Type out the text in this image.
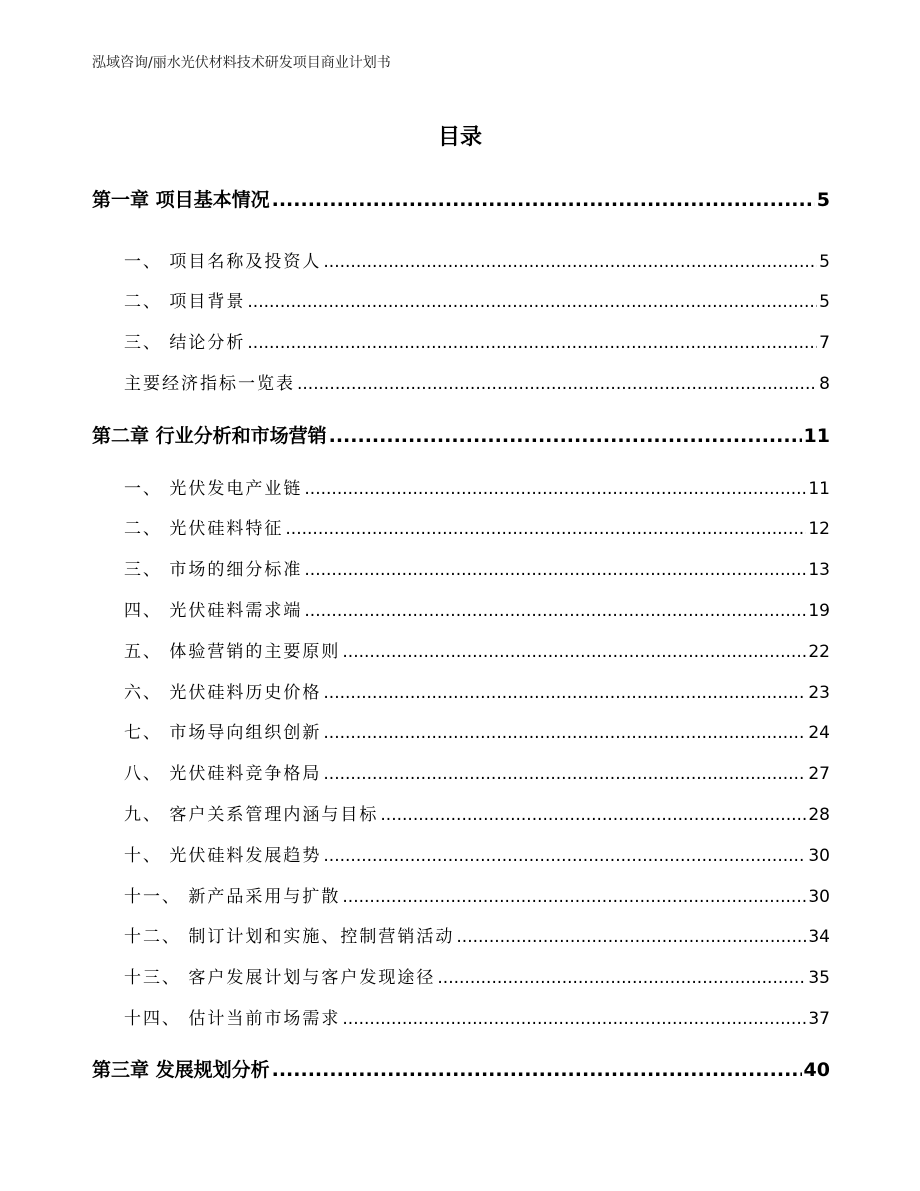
泓域咨询/丽水光伏材料技术研发项目商业计划书
目录
第一章 项目基本情况 .....	5
一、 项目名称及投资人 .....	5
二、 项目背景 .....	5
三、 结论分析 .....	7
主要经济指标一览表 .....	8
第二章 行业分析和市场营销 .....	11
一、 光伏发电产业链 .....	11
二、 光伏硅料特征 .....	12
三、 市场的细分标准 .....	13
四、 光伏硅料需求端 .....	19
五、 体验营销的主要原则 .....	22
六、 光伏硅料历史价格 .....	23
七、 市场导向组织创新 .....	24
八、 光伏硅料竞争格局 .....	27
九、 客户关系管理内涵与目标 .....	28
十、 光伏硅料发展趋势 .....	30
十一、 新产品采用与扩散 .....	30
十二、 制订计划和实施、控制营销活动 .....	34
十三、 客户发展计划与客户发现途径 .....	35
十四、 估计当前市场需求 .....	37
第三章 发展规划分析 .....	40
